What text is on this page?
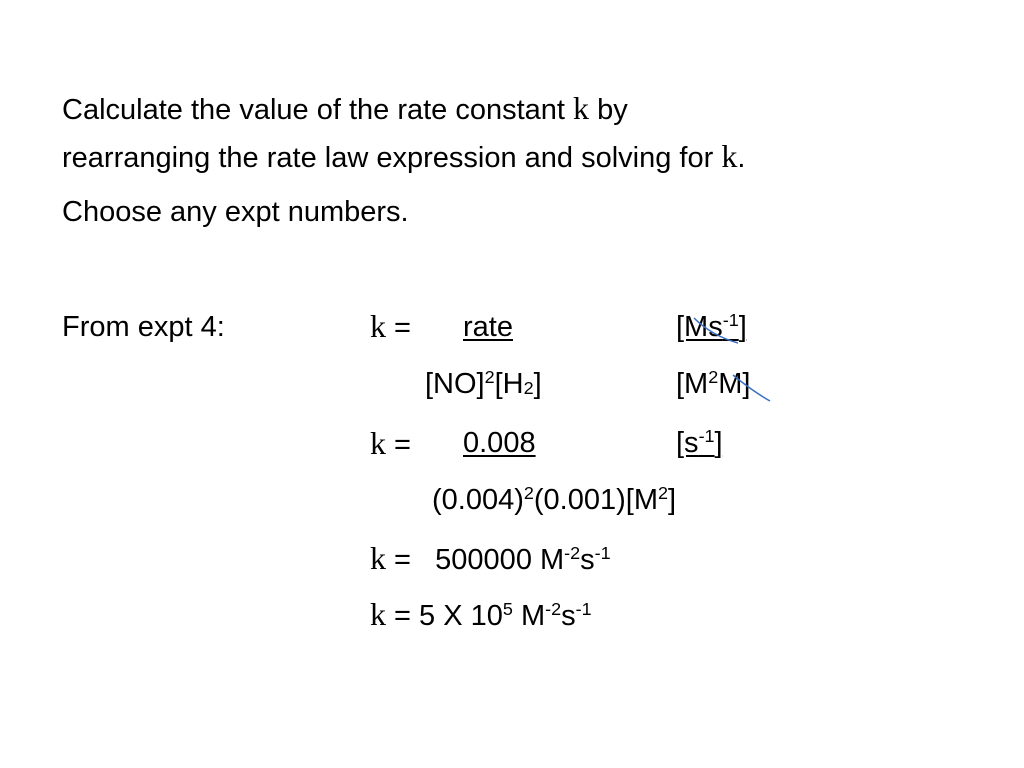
Calculate the value of the rate constant k by
rearranging the rate law expression and solving for k.
Choose any expt numbers.
From expt 4:	k = rate	$[Ms^{-1}]$
$[NO]^2[H_2]$	$[M^2M]$
k = 0.008	$[s^{-1}]$
$(0.004)^2(0.001)[M^2]$
k =   500000 $M^{-2}s^{-1}$
k = 5 X $10^5$ $M^{-2}s^{-1}$
